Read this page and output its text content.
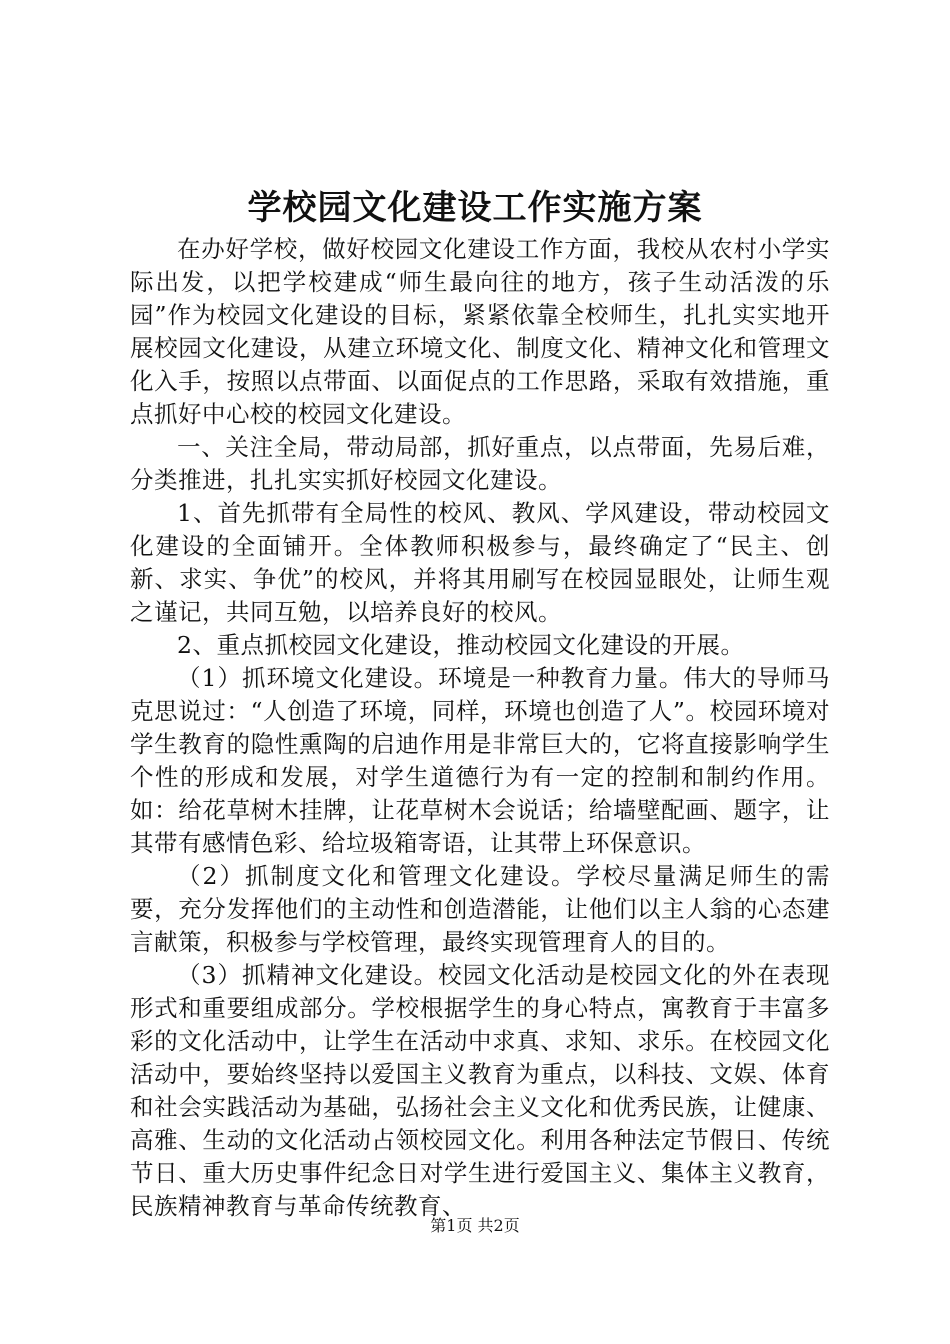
学校园文化建设工作实施方案

在办好学校，做好校园文化建设工作方面，我校从农村小学实际出发，以把学校建成“师生最向往的地方，孩子生动活泼的乐园”作为校园文化建设的目标，紧紧依靠全校师生，扎扎实实地开展校园文化建设，从建立环境文化、制度文化、精神文化和管理文化入手，按照以点带面、以面促点的工作思路，采取有效措施，重点抓好中心校的校园文化建设。

一、关注全局，带动局部，抓好重点，以点带面，先易后难，分类推进，扎扎实实抓好校园文化建设。

1、首先抓带有全局性的校风、教风、学风建设，带动校园文化建设的全面铺开。全体教师积极参与，最终确定了“民主、创新、求实、争优”的校风，并将其用刷写在校园显眼处，让师生观之谨记，共同互勉，以培养良好的校风。

2、重点抓校园文化建设，推动校园文化建设的开展。

（1）抓环境文化建设。环境是一种教育力量。伟大的导师马克思说过：“人创造了环境，同样，环境也创造了人”。校园环境对学生教育的隐性熏陶的启迪作用是非常巨大的，它将直接影响学生个性的形成和发展，对学生道德行为有一定的控制和制约作用。如：给花草树木挂牌，让花草树木会说话；给墙壁配画、题字，让其带有感情色彩、给垃圾箱寄语，让其带上环保意识。

（2）抓制度文化和管理文化建设。学校尽量满足师生的需要，充分发挥他们的主动性和创造潜能，让他们以主人翁的心态建言献策，积极参与学校管理，最终实现管理育人的目的。

（3）抓精神文化建设。校园文化活动是校园文化的外在表现形式和重要组成部分。学校根据学生的身心特点，寓教育于丰富多彩的文化活动中，让学生在活动中求真、求知、求乐。在校园文化活动中，要始终坚持以爱国主义教育为重点，以科技、文娱、体育和社会实践活动为基础，弘扬社会主义文化和优秀民族，让健康、高雅、生动的文化活动占领校园文化。利用各种法定节假日、传统节日、重大历史事件纪念日对学生进行爱国主义、集体主义教育，民族精神教育与革命传统教育、

第1页 共2页
